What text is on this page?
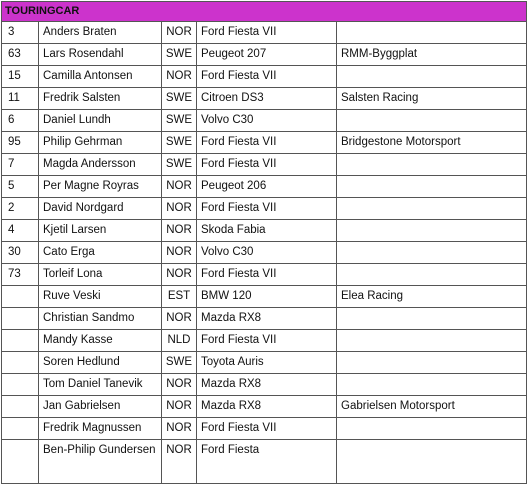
TOURINGCAR				
3	Anders Braten	NOR	Ford Fiesta VII	
63	Lars Rosendahl	SWE	Peugeot 207	RMM-Byggplat
15	Camilla Antonsen	NOR	Ford Fiesta VII	
11	Fredrik Salsten	SWE	Citroen DS3	Salsten Racing
6	Daniel Lundh	SWE	Volvo C30	
95	Philip Gehrman	SWE	Ford Fiesta VII	Bridgestone Motorsport
7	Magda Andersson	SWE	Ford Fiesta VII	
5	Per Magne Royras	NOR	Peugeot 206	
2	David Nordgard	NOR	Ford Fiesta VII	
4	Kjetil Larsen	NOR	Skoda Fabia	
30	Cato Erga	NOR	Volvo C30	
73	Torleif Lona	NOR	Ford Fiesta VII	
	Ruve Veski	EST	BMW 120	Elea Racing
	Christian Sandmo	NOR	Mazda RX8	
	Mandy Kasse	NLD	Ford Fiesta VII	
	Soren Hedlund	SWE	Toyota Auris	
	Tom Daniel Tanevik	NOR	Mazda RX8	
	Jan Gabrielsen	NOR	Mazda RX8	Gabrielsen Motorsport
	Fredrik Magnussen	NOR	Ford Fiesta VII	
	Ben-Philip Gundersen	NOR	Ford Fiesta	
